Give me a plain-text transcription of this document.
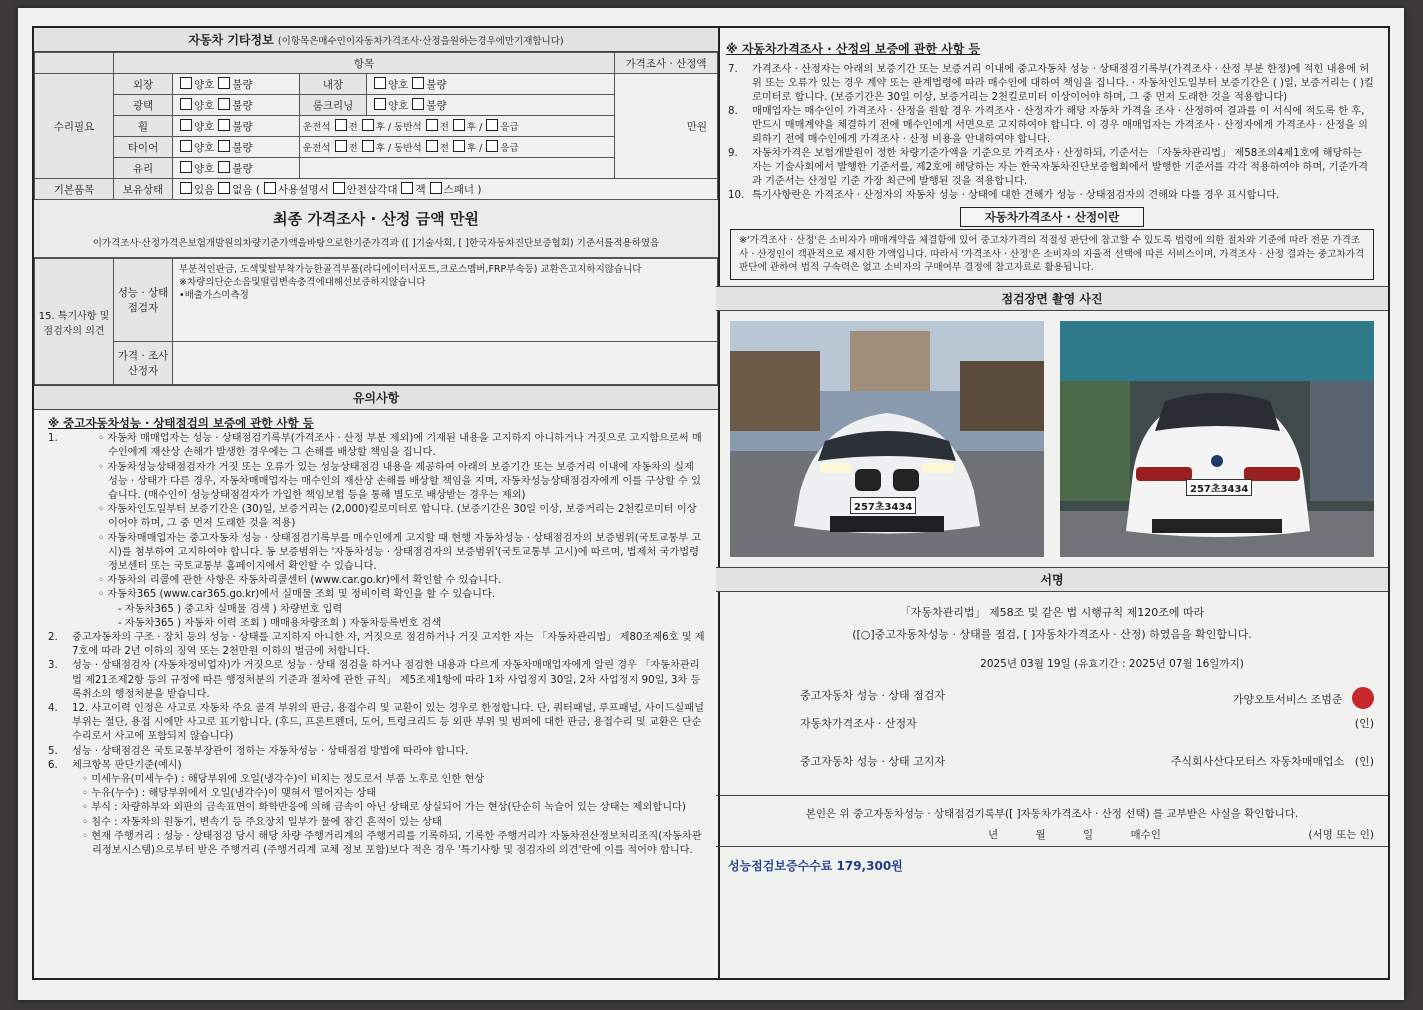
자동차 기타정보 (이항목은매수인이자동차가격조사·산정을원하는경우에만기재합니다)
	항목				가격조사 · 산정액
수리필요	외장	양호 불량	내장	양호 불량	만원
	광택	양호 불량	룸크리닝	양호 불량	
	휠	양호 불량	운전석 전 후 / 동반석 전 후 / 응급		
	타이어	양호 불량	운전석 전 후 / 동반석 전 후 / 응급		
	유리	양호 불량			
기본품목	보유상태	있음 없음 ( 사용설명서 안전삼각대 잭 스패너 )			
최종 가격조사 · 산정 금액 만원
이가격조사·산정가격은보험개발원의차량기준가액을바탕으로한기준가격과 ([ ]기술사회, [ ]한국자동차진단보증협회) 기준서를적용하였음
15. 특기사항 및 점검자의 의견	성능 · 상태 점검자	부분적인판금, 도색및탈부착가능한골격부품(라디에이터서포트,크로스멤버,FRP부속등) 교환은고지하지않습니다
※차량의단순소음및떨림변속충격에대해선보증하지않습니다
•배출가스미측정

	가격 · 조사 산정자	
유의사항
※ 중고자동차성능 · 상태점검의 보증에 관한 사항 등
1.	◦ 자동차 매매업자는 성능 · 상태점검기록부(가격조사 · 산정 부분 제외)에 기재된 내용을 고지하지 아니하거나 거짓으로 고지함으로써 매수인에게 재산상 손해가 발생한 경우에는 그 손해를 배상할 책임을 집니다.
◦ 자동차성능상태점검자가 거짓 또는 오류가 있는 성능상태점검 내용을 제공하여 아래의 보증기간 또는 보증거리 이내에 자동차의 실제 성능 · 상태가 다른 경우, 자동차매매업자는 매수인의 재산상 손해를 배상할 책임을 지며, 자동차성능상태점검자에게 이를 구상할 수 있습니다. (매수인이 성능상태점검자가 가입한 책임보험 등을 통해 별도로 배상받는 경우는 제외)
◦ 자동차인도일부터 보증기간은 (30)일, 보증거리는 (2,000)킬로미터로 합니다. (보증기간은 30일 이상, 보증거리는 2천킬로미터 이상이어야 하며, 그 중 먼저 도래한 것을 적용)
◦ 자동차매매업자는 중고자동차 성능 · 상태점검기록부를 매수인에게 고지할 때 현행 자동차성능 · 상태점검자의 보증범위(국토교통부 고시)를 첨부하여 고지하여야 합니다. 동 보증범위는 '자동차성능 · 상태점검자의 보증범위'(국토교통부 고시)에 따르며, 법제처 국가법령정보센터 또는 국토교통부 홈페이지에서 확인할 수 있습니다.
◦ 자동차의 리콜에 관한 사항은 자동차리콜센터 (www.car.go.kr)에서 확인할 수 있습니다.
◦ 자동차365 (www.car365.go.kr)에서 실매물 조회 및 정비이력 확인을 할 수 있습니다.
- 자동차365 ) 중고차 실매물 검색 ) 차량번호 입력
- 자동차365 ) 자동차 이력 조회 ) 매매용차량조회 ) 자동차등록번호 검색
2.	중고자동차의 구조 · 장치 등의 성능 · 상태를 고지하지 아니한 자, 거짓으로 점검하거나 거짓 고지한 자는 「자동차관리법」 제80조제6호 및 제7호에 따라 2년 이하의 징역 또는 2천만원 이하의 벌금에 처합니다.
3.	성능 · 상태점검자 (자동차정비업자)가 거짓으로 성능 · 상태 점검을 하거나 점검한 내용과 다르게 자동차매매업자에게 알린 경우 「자동차관리법 제21조제2항 등의 규정에 따른 행정처분의 기준과 절차에 관한 규칙」 제5조제1항에 따라 1차 사업정지 30일, 2차 사업정지 90일, 3차 등록취소의 행정처분을 받습니다.
4.	12. 사고이력 인정은 사고로 자동차 주요 골격 부위의 판금, 용접수리 및 교환이 있는 경우로 한정합니다. 단, 쿼터패널, 루프패널, 사이드실패널 부위는 절단, 용접 시에만 사고로 표기합니다. (후드, 프론트펜더, 도어, 트렁크리드 등 외판 부위 및 범퍼에 대한 판금, 용접수리 및 교환은 단순수리로서 사고에 포함되지 않습니다)
5.	성능 · 상태점검은 국토교통부장관이 정하는 자동차성능 · 상태점검 방법에 따라야 합니다.
6.	체크항목 판단기준(예시)
◦ 미세누유(미세누수) : 해당부위에 오일(냉각수)이 비치는 정도로서 부품 노후로 인한 현상
◦ 누유(누수) : 해당부위에서 오일(냉각수)이 맺혀서 떨어지는 상태
◦ 부식 : 차량하부와 외판의 금속표면이 화학반응에 의해 금속이 아닌 상태로 상실되어 가는 현상(단순히 녹슬어 있는 상태는 제외합니다)
◦ 침수 : 자동차의 원동기, 변속기 등 주요장치 일부가 물에 잠긴 흔적이 있는 상태
◦ 현재 주행거리 : 성능 · 상태점검 당시 해당 차량 주행거리계의 주행거리를 기록하되, 기록한 주행거리가 자동차전산정보처리조직(자동차관리정보시스템)으로부터 받은 주행거리 (주행거리계 교체 정보 포함)보다 적은 경우 '특기사항 및 점검자의 의견'란에 이를 적어야 합니다.
※ 자동차가격조사 · 산정의 보증에 관한 사항 등
7.	가격조사 · 산정자는 아래의 보증기간 또는 보증거리 이내에 중고자동차 성능 · 상태점검기록부(가격조사 · 산정 부분 한정)에 적힌 내용에 허위 또는 오류가 있는 경우 계약 또는 관계법령에 따라 매수인에 대하여 책임을 집니다. · 자동차인도일부터 보증기간은 ( )일, 보증거리는 ( )킬로미터로 합니다. (보증기간은 30일 이상, 보증거리는 2천킬로미터 이상이어야 하며, 그 중 먼저 도래한 것을 적용합니다)
8.	매매업자는 매수인이 가격조사 · 산정을 원할 경우 가격조사 · 산정자가 해당 자동차 가격을 조사 · 산정하여 결과를 이 서식에 적도록 한 후, 반드시 매매계약을 체결하기 전에 매수인에게 서면으로 고지하여야 합니다. 이 경우 매매업자는 가격조사 · 산정자에게 가격조사 · 산정을 의뢰하기 전에 매수인에게 가격조사 · 산정 비용을 안내하여야 합니다.
9.	자동차가격은 보험개발원이 정한 차량기준가액을 기준으로 가격조사 · 산정하되, 기준서는 「자동차관리법」 제58조의4제1호에 해당하는 자는 기술사회에서 발행한 기준서를, 제2호에 해당하는 자는 한국자동차진단보증협회에서 발행한 기준서를 각각 적용하여야 하며, 기준가격과 기준서는 산정일 기준 가장 최근에 발행된 것을 적용합니다.
10. 특기사항란은 가격조사 · 산정자의 자동차 성능 · 상태에 대한 견해가 성능 · 상태점검자의 견해와 다를 경우 표시합니다.
자동차가격조사 · 산정이란
※'가격조사 · 산정'은 소비자가 매매계약을 체결함에 있어 중고차가격의 적절성 판단에 참고할 수 있도록 법령에 의한 절차와 기준에 따라 전문 가격조사 · 산정인이 객관적으로 제시한 가액입니다. 따라서 '가격조사 · 산정'은 소비자의 자율적 선택에 따른 서비스이며, 가격조사 · 산정 결과는 중고차가격판단에 관하여 법적 구속력은 없고 소비자의 구매여부 결정에 참고자료로 활용됩니다.
점검장면 촬영 사진
257초3434
257초3434
서명
「자동차관리법」 제58조 및 같은 법 시행규칙 제120조에 따라
([○]중고자동차성능 · 상태를 점검, [ ]자동차가격조사 · 산정) 하였음을 확인합니다.
2025년 03월 19일 (유효기간 : 2025년 07월 16일까지)
중고자동차 성능 · 상태 점검자	가양오토서비스 조범준
자동차가격조사 · 산정자	(인)
중고자동차 성능 · 상태 고지자	주식회사산다모터스 자동차매매업소 (인)
본인은 위 중고자동차성능 · 상태점검기록부([ ]자동차가격조사 · 산정 선택) 를 교부받은 사실을 확인합니다.
년 월 일 매수인	(서명 또는 인)
성능점검보증수수료 179,300원
